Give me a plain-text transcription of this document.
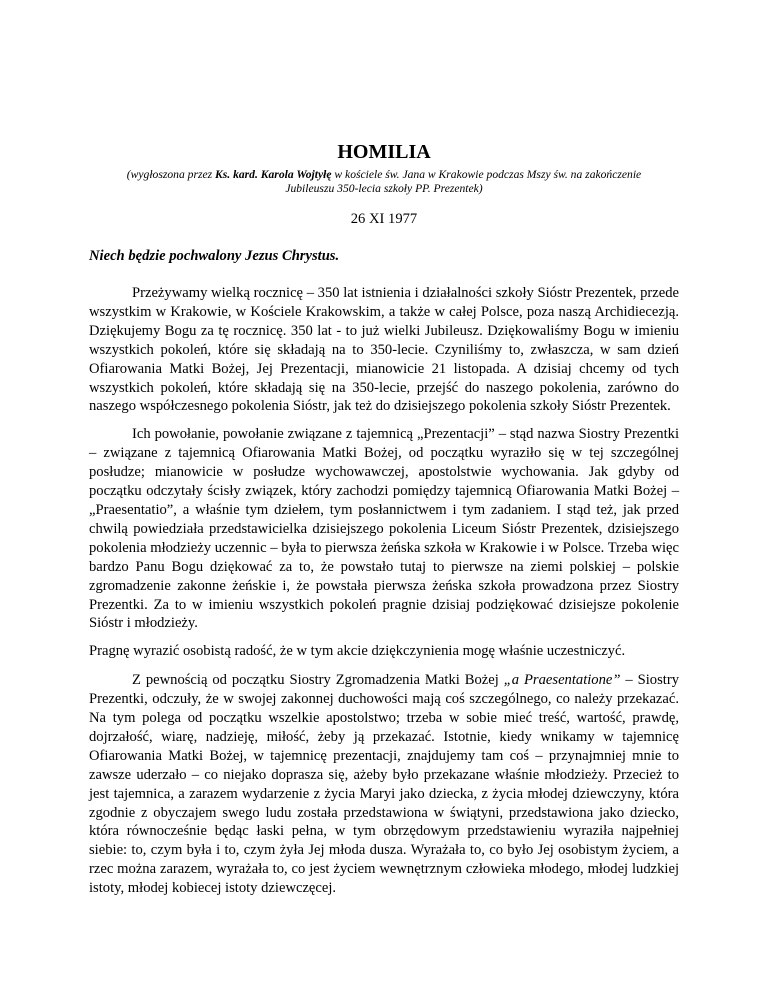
HOMILIA
(wygłoszona przez Ks. kard. Karola Wojtyłę w kościele św. Jana w Krakowie podczas Mszy św. na zakończenie
Jubileuszu 350-lecia szkoły PP. Prezentek)
26 XI 1977
Niech będzie pochwalony Jezus Chrystus.

Przeżywamy wielką rocznicę – 350 lat istnienia i działalności szkoły Sióstr Prezentek, przede wszystkim w Krakowie, w Kościele Krakowskim, a także w całej Polsce, poza naszą Archidiecezją. Dziękujemy Bogu za tę rocznicę. 350 lat - to już wielki Jubileusz. Dziękowaliśmy Bogu w imieniu wszystkich pokoleń, które się składają na to 350-lecie. Czyniliśmy to, zwłaszcza, w sam dzień Ofiarowania Matki Bożej, Jej Prezentacji, mianowicie 21 listopada. A dzisiaj chcemy od tych wszystkich pokoleń, które składają się na 350-lecie, przejść do naszego pokolenia, zarówno do naszego współczesnego pokolenia Sióstr, jak też do dzisiejszego pokolenia szkoły Sióstr Prezentek.

Ich powołanie, powołanie związane z tajemnicą „Prezentacji” – stąd nazwa Siostry Prezentki – związane z tajemnicą Ofiarowania Matki Bożej, od początku wyraziło się w tej szczególnej posłudze; mianowicie w posłudze wychowawczej, apostolstwie wychowania. Jak gdyby od początku odczytały ścisły związek, który zachodzi pomiędzy tajemnicą Ofiarowania Matki Bożej – „Praesentatio”, a właśnie tym dziełem, tym posłannictwem i tym zadaniem. I stąd też, jak przed chwilą powiedziała przedstawicielka dzisiejszego pokolenia Liceum Sióstr Prezentek, dzisiejszego pokolenia młodzieży uczennic – była to pierwsza żeńska szkoła w Krakowie i w Polsce. Trzeba więc bardzo Panu Bogu dziękować za to, że powstało tutaj to pierwsze na ziemi polskiej – polskie zgromadzenie zakonne żeńskie i, że powstała pierwsza żeńska szkoła prowadzona przez Siostry Prezentki. Za to w imieniu wszystkich pokoleń pragnie dzisiaj podziękować dzisiejsze pokolenie Sióstr i młodzieży.

Pragnę wyrazić osobistą radość, że w tym akcie dziękczynienia mogę właśnie uczestniczyć.

Z pewnością od początku Siostry Zgromadzenia Matki Bożej „a Praesentatione” – Siostry Prezentki, odczuły, że w swojej zakonnej duchowości mają coś szczególnego, co należy przekazać. Na tym polega od początku wszelkie apostolstwo; trzeba w sobie mieć treść, wartość, prawdę, dojrzałość, wiarę, nadzieję, miłość, żeby ją przekazać. Istotnie, kiedy wnikamy w tajemnicę Ofiarowania Matki Bożej, w tajemnicę prezentacji, znajdujemy tam coś – przynajmniej mnie to zawsze uderzało – co niejako doprasza się, ażeby było przekazane właśnie młodzieży. Przecież to jest tajemnica, a zarazem wydarzenie z życia Maryi jako dziecka, z życia młodej dziewczyny, która zgodnie z obyczajem swego ludu została przedstawiona w świątyni, przedstawiona jako dziecko, która równocześnie będąc łaski pełna, w tym obrzędowym przedstawieniu wyraziła najpełniej siebie: to, czym była i to, czym żyła Jej młoda dusza. Wyrażała to, co było Jej osobistym życiem, a rzec można zarazem, wyrażała to, co jest życiem wewnętrznym człowieka młodego, młodej ludzkiej istoty, młodej kobiecej istoty dziewczęcej.
